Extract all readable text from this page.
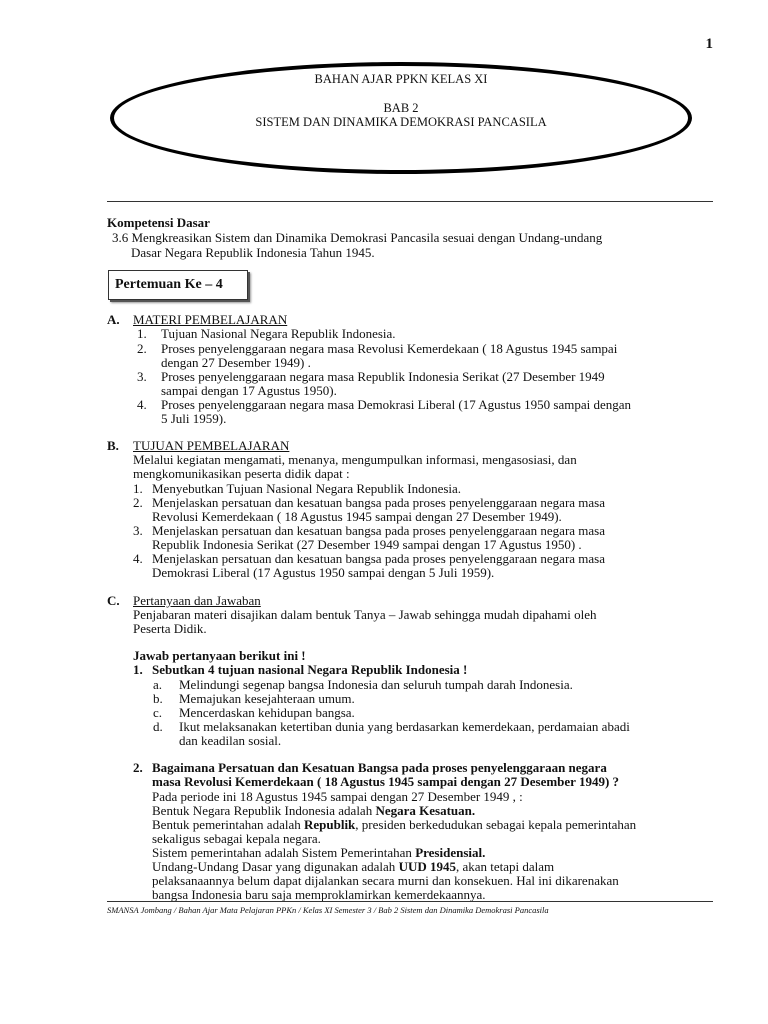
1
BAHAN AJAR PPKN KELAS XI
BAB 2
SISTEM DAN DINAMIKA DEMOKRASI PANCASILA
Kompetensi Dasar
3.6 Mengkreasikan Sistem dan Dinamika Demokrasi Pancasila sesuai dengan Undang-undang
Dasar Negara Republik Indonesia Tahun 1945.
Pertemuan Ke – 4
A. MATERI PEMBELAJARAN
1. Tujuan Nasional Negara Republik Indonesia.
2. Proses penyelenggaraan negara masa Revolusi Kemerdekaan ( 18 Agustus 1945 sampai
dengan 27 Desember 1949) .
3. Proses penyelenggaraan negara masa Republik Indonesia Serikat (27 Desember 1949
sampai dengan 17 Agustus 1950).
4. Proses penyelenggaraan negara masa Demokrasi Liberal (17 Agustus 1950 sampai dengan
5 Juli 1959).
B. TUJUAN PEMBELAJARAN
Melalui kegiatan mengamati, menanya, mengumpulkan informasi, mengasosiasi, dan
mengkomunikasikan peserta didik dapat :
1. Menyebutkan Tujuan Nasional Negara Republik Indonesia.
2. Menjelaskan persatuan dan kesatuan bangsa pada proses penyelenggaraan negara masa
Revolusi Kemerdekaan ( 18 Agustus 1945 sampai dengan 27 Desember 1949).
3. Menjelaskan persatuan dan kesatuan bangsa pada proses penyelenggaraan negara masa
Republik Indonesia Serikat (27 Desember 1949 sampai dengan 17 Agustus 1950) .
4. Menjelaskan persatuan dan kesatuan bangsa pada proses penyelenggaraan negara masa
Demokrasi Liberal (17 Agustus 1950 sampai dengan 5 Juli 1959).
C. Pertanyaan dan Jawaban
Penjabaran materi disajikan dalam bentuk Tanya – Jawab sehingga mudah dipahami oleh
Peserta Didik.
Jawab pertanyaan berikut ini !
1. Sebutkan 4 tujuan nasional Negara Republik Indonesia !
a. Melindungi segenap bangsa Indonesia dan seluruh tumpah darah Indonesia.
b. Memajukan kesejahteraan umum.
c. Mencerdaskan kehidupan bangsa.
d. Ikut melaksanakan ketertiban dunia yang berdasarkan kemerdekaan, perdamaian abadi
dan keadilan sosial.
2. Bagaimana Persatuan dan Kesatuan Bangsa pada proses penyelenggaraan negara
masa Revolusi Kemerdekaan ( 18 Agustus 1945 sampai dengan 27 Desember 1949) ?
Pada periode ini 18 Agustus 1945 sampai dengan 27 Desember 1949 , :
Bentuk Negara Republik Indonesia adalah Negara Kesatuan.
Bentuk pemerintahan adalah Republik, presiden berkedudukan sebagai kepala pemerintahan
sekaligus sebagai kepala negara.
Sistem pemerintahan adalah Sistem Pemerintahan Presidensial.
Undang-Undang Dasar yang digunakan adalah UUD 1945, akan tetapi dalam
pelaksanaannya belum dapat dijalankan secara murni dan konsekuen. Hal ini dikarenakan
bangsa Indonesia baru saja memproklamirkan kemerdekaannya.
SMANSA Jombang / Bahan Ajar Mata Pelajaran PPKn / Kelas XI Semester 3 / Bab 2 Sistem dan Dinamika Demokrasi Pancasila
